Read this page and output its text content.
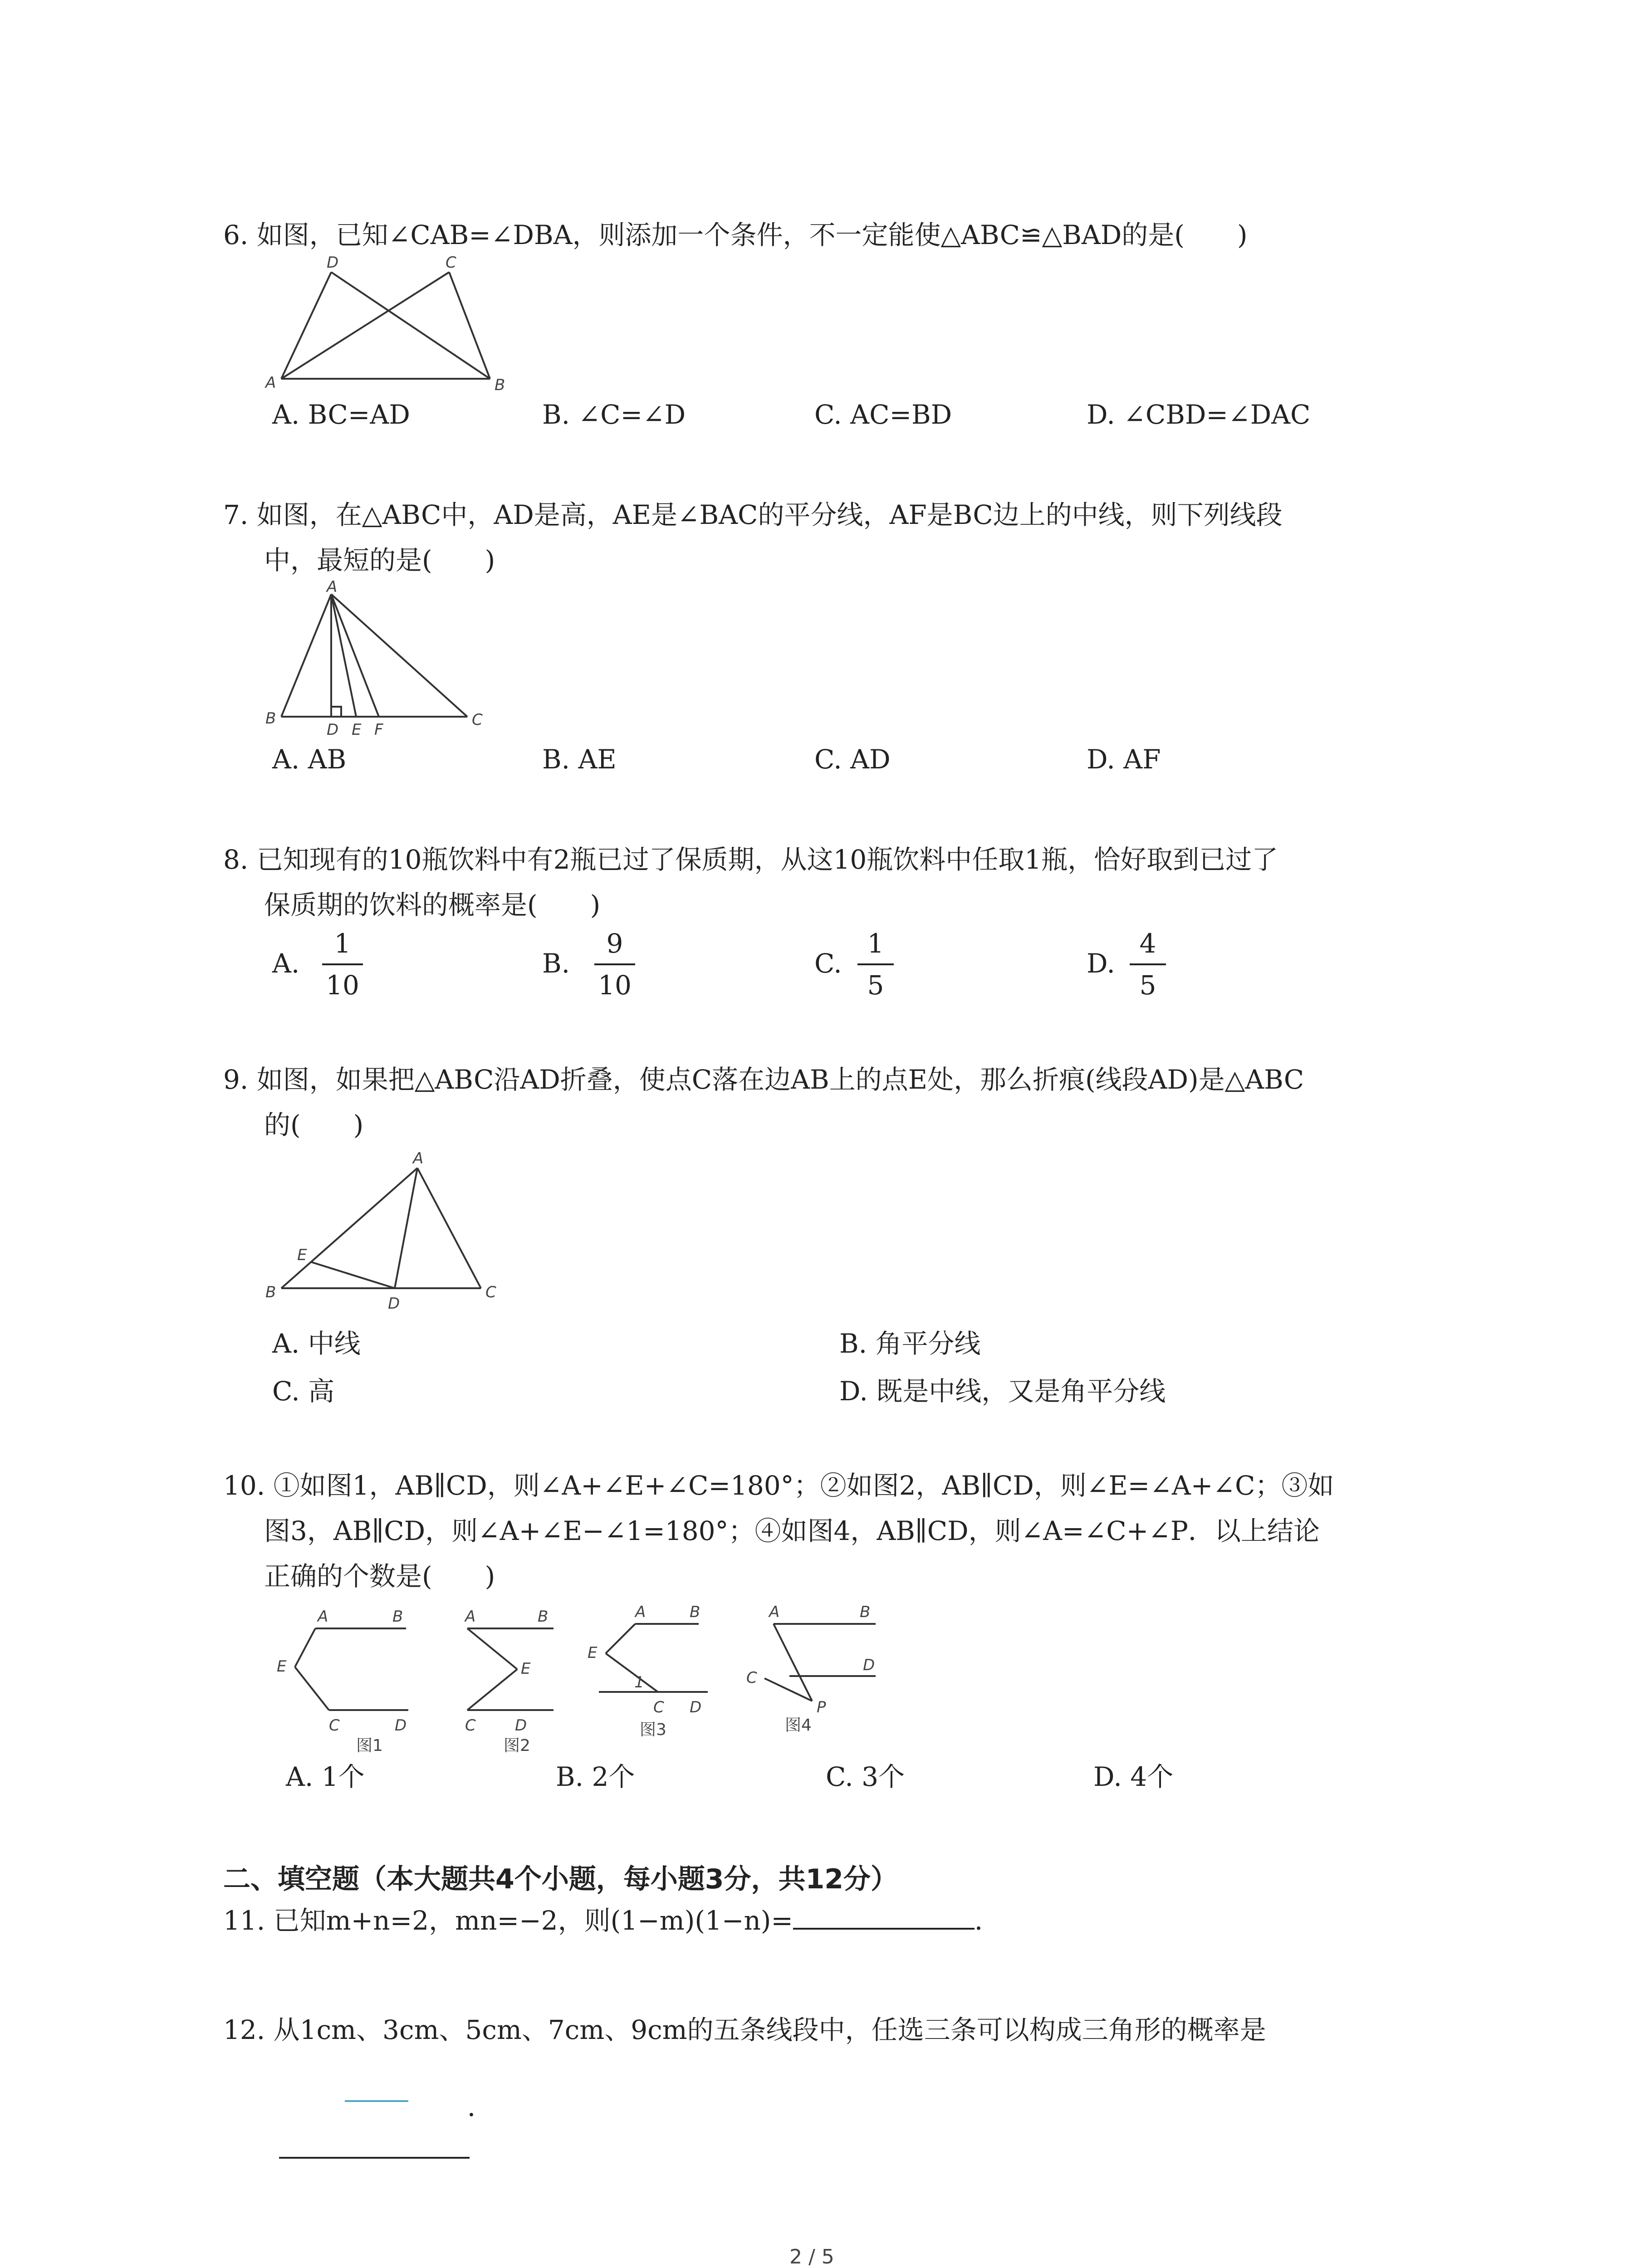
6. 如图，已知∠CAB=∠DBA，则添加一个条件，不一定能使△ABC≌△BAD的是(　　)
A	B
C
D
A. BC=AD	B. ∠C=∠D	C. AC=BD	D. ∠CBD=∠DAC
7. 如图，在△ABC中，AD是高，AE是∠BAC的平分线，AF是BC边上的中线，则下列线段
中，最短的是(　　)
A
B	C
D E F
A. AB	B. AE	C. AD	D. AF
8. 已知现有的10瓶饮料中有2瓶已过了保质期，从这10瓶饮料中任取1瓶，恰好取到已过了
保质期的饮料的概率是(　　)
A.
1
10
B.
9
10
C.
1
5
D.
4
5
9. 如图，如果把△ABC沿AD折叠，使点C落在边AB上的点E处，那么折痕(线段AD)是△ABC
的(　　)
A
B	C
D
E
A. 中线	B. 角平分线
C. 高	D. 既是中线，又是角平分线
10. ①如图1，AB∥CD，则∠A+∠E+∠C=180°；②如图2，AB∥CD，则∠E=∠A+∠C；③如
图3，AB∥CD，则∠A+∠E−∠1=180°；④如图4，AB∥CD，则∠A=∠C+∠P．以上结论
正确的个数是(　　)
A	B
E
C	D
图1
A	B
E
C	D
图2
A	B
E
1
C D
图3
A	B
C
D
P
图4
A. 1个	B. 2个	C. 3个	D. 4个
二、填空题（本大题共4个小题，每小题3分，共12分）
11. 已知m+n=2，mn=−2，则(1−m)(1−n)=	．
12. 从1cm、3cm、5cm、7cm、9cm的五条线段中，任选三条可以构成三角形的概率是
．
2 / 5
